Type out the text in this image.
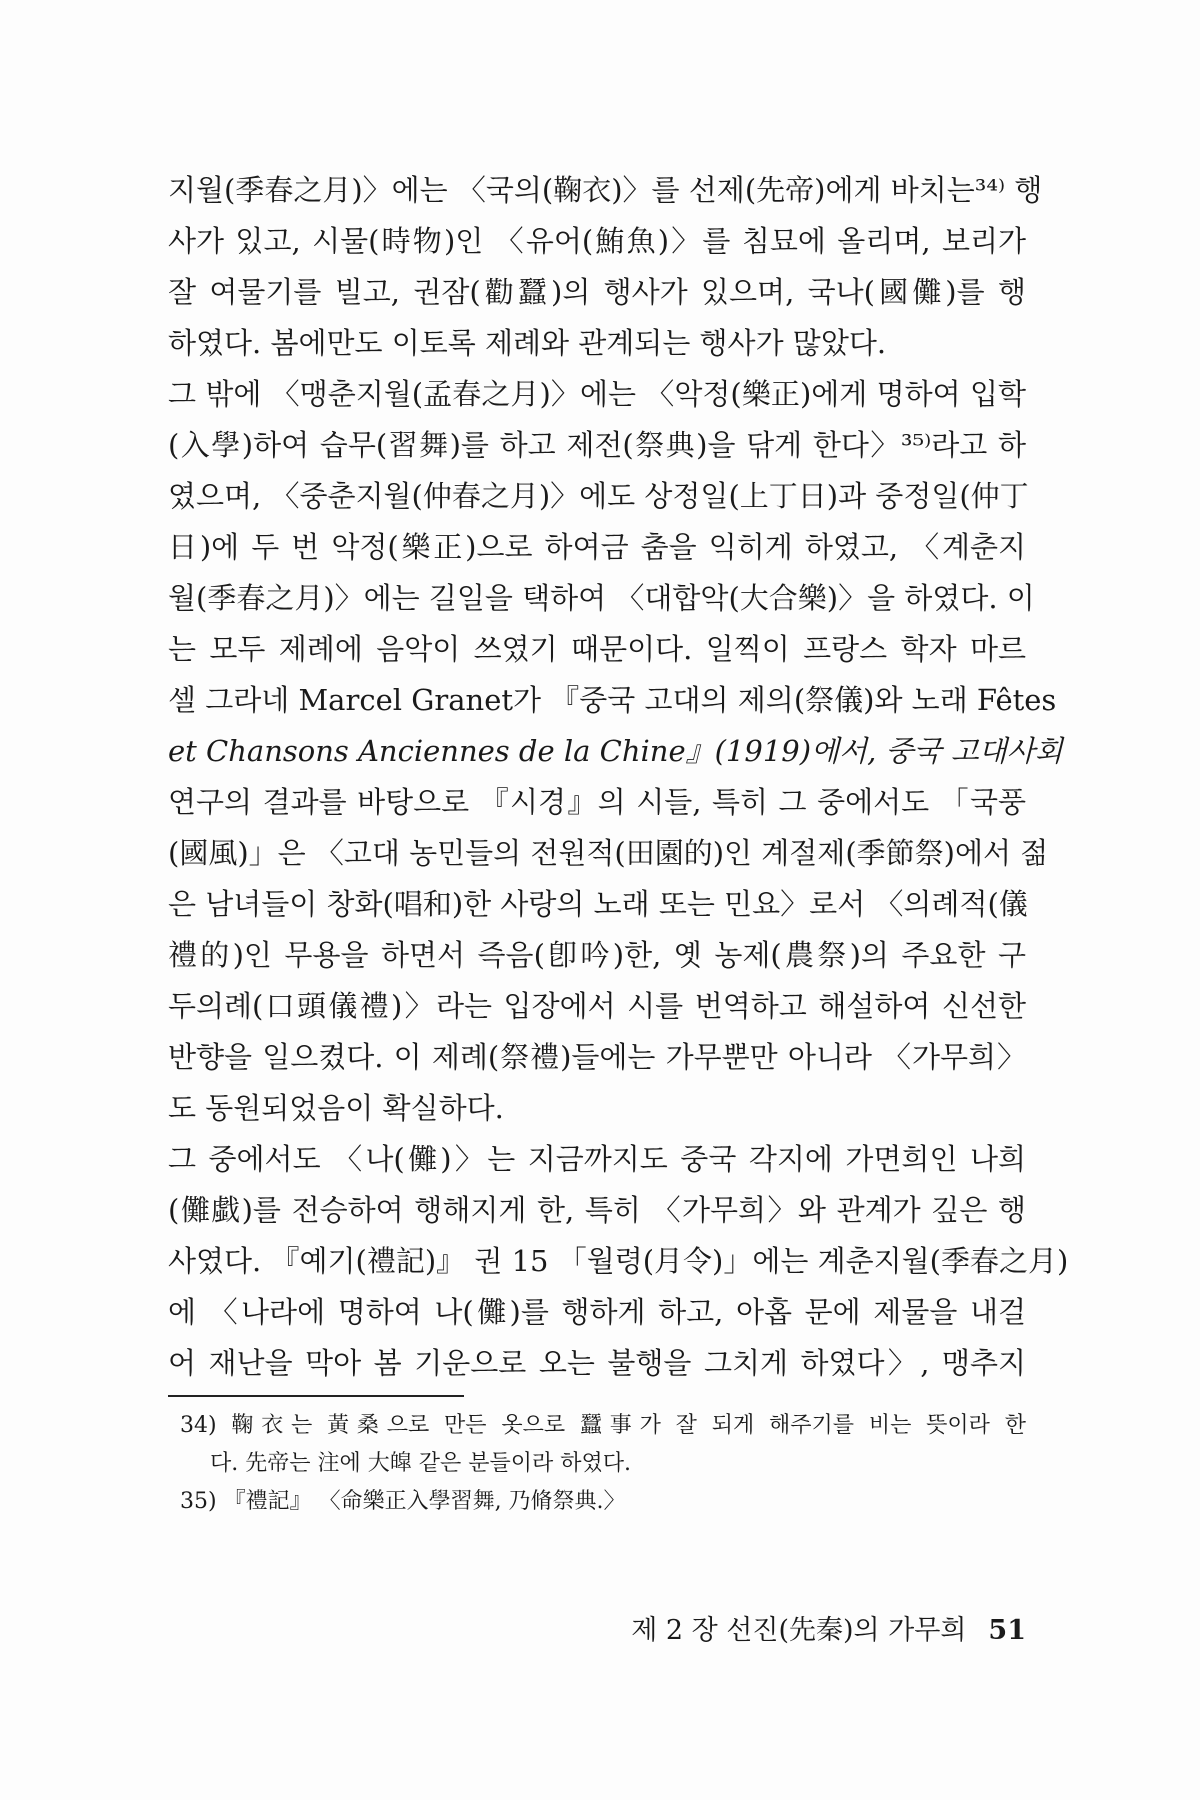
지월(季春之月)〉에는 〈국의(鞠衣)〉를 선제(先帝)에게 바치는³⁴⁾ 행
사가 있고, 시물(時物)인 〈유어(鮪魚)〉를 침묘에 올리며, 보리가
잘 여물기를 빌고, 권잠(勸蠶)의 행사가 있으며, 국나(國儺)를 행
하였다. 봄에만도 이토록 제례와 관계되는 행사가 많았다.
그 밖에 〈맹춘지월(孟春之月)〉에는 〈악정(樂正)에게 명하여 입학
(入學)하여 습무(習舞)를 하고 제전(祭典)을 닦게 한다〉³⁵⁾라고 하
였으며, 〈중춘지월(仲春之月)〉에도 상정일(上丁日)과 중정일(仲丁
日)에 두 번 악정(樂正)으로 하여금 춤을 익히게 하였고, 〈계춘지
월(季春之月)〉에는 길일을 택하여 〈대합악(大合樂)〉을 하였다. 이
는 모두 제례에 음악이 쓰였기 때문이다. 일찍이 프랑스 학자 마르
셀 그라네 Marcel Granet가 『중국 고대의 제의(祭儀)와 노래 Fêtes
et Chansons Anciennes de la Chine』(1919)에서, 중국 고대사회
연구의 결과를 바탕으로 『시경』의 시들, 특히 그 중에서도 「국풍
(國風)」은 〈고대 농민들의 전원적(田園的)인 계절제(季節祭)에서 젊
은 남녀들이 창화(唱和)한 사랑의 노래 또는 민요〉로서 〈의례적(儀
禮的)인 무용을 하면서 즉음(卽吟)한, 옛 농제(農祭)의 주요한 구
두의례(口頭儀禮)〉라는 입장에서 시를 번역하고 해설하여 신선한
반향을 일으켰다. 이 제례(祭禮)들에는 가무뿐만 아니라 〈가무희〉
도 동원되었음이 확실하다.
그 중에서도 〈나(儺)〉는 지금까지도 중국 각지에 가면희인 나희
(儺戱)를 전승하여 행해지게 한, 특히 〈가무희〉와 관계가 깊은 행
사였다. 『예기(禮記)』 권 15 「월령(月令)」에는 계춘지월(季春之月)
에 〈나라에 명하여 나(儺)를 행하게 하고, 아홉 문에 제물을 내걸
어 재난을 막아 봄 기운으로 오는 불행을 그치게 하였다〉, 맹추지
34) 鞠衣는 黃桑으로 만든 옷으로 蠶事가 잘 되게 해주기를 비는 뜻이라 한
다. 先帝는 注에 大皡 같은 분들이라 하였다.
35) 『禮記』 〈命樂正入學習舞, 乃脩祭典.〉
제 2 장 선진(先秦)의 가무희 51
